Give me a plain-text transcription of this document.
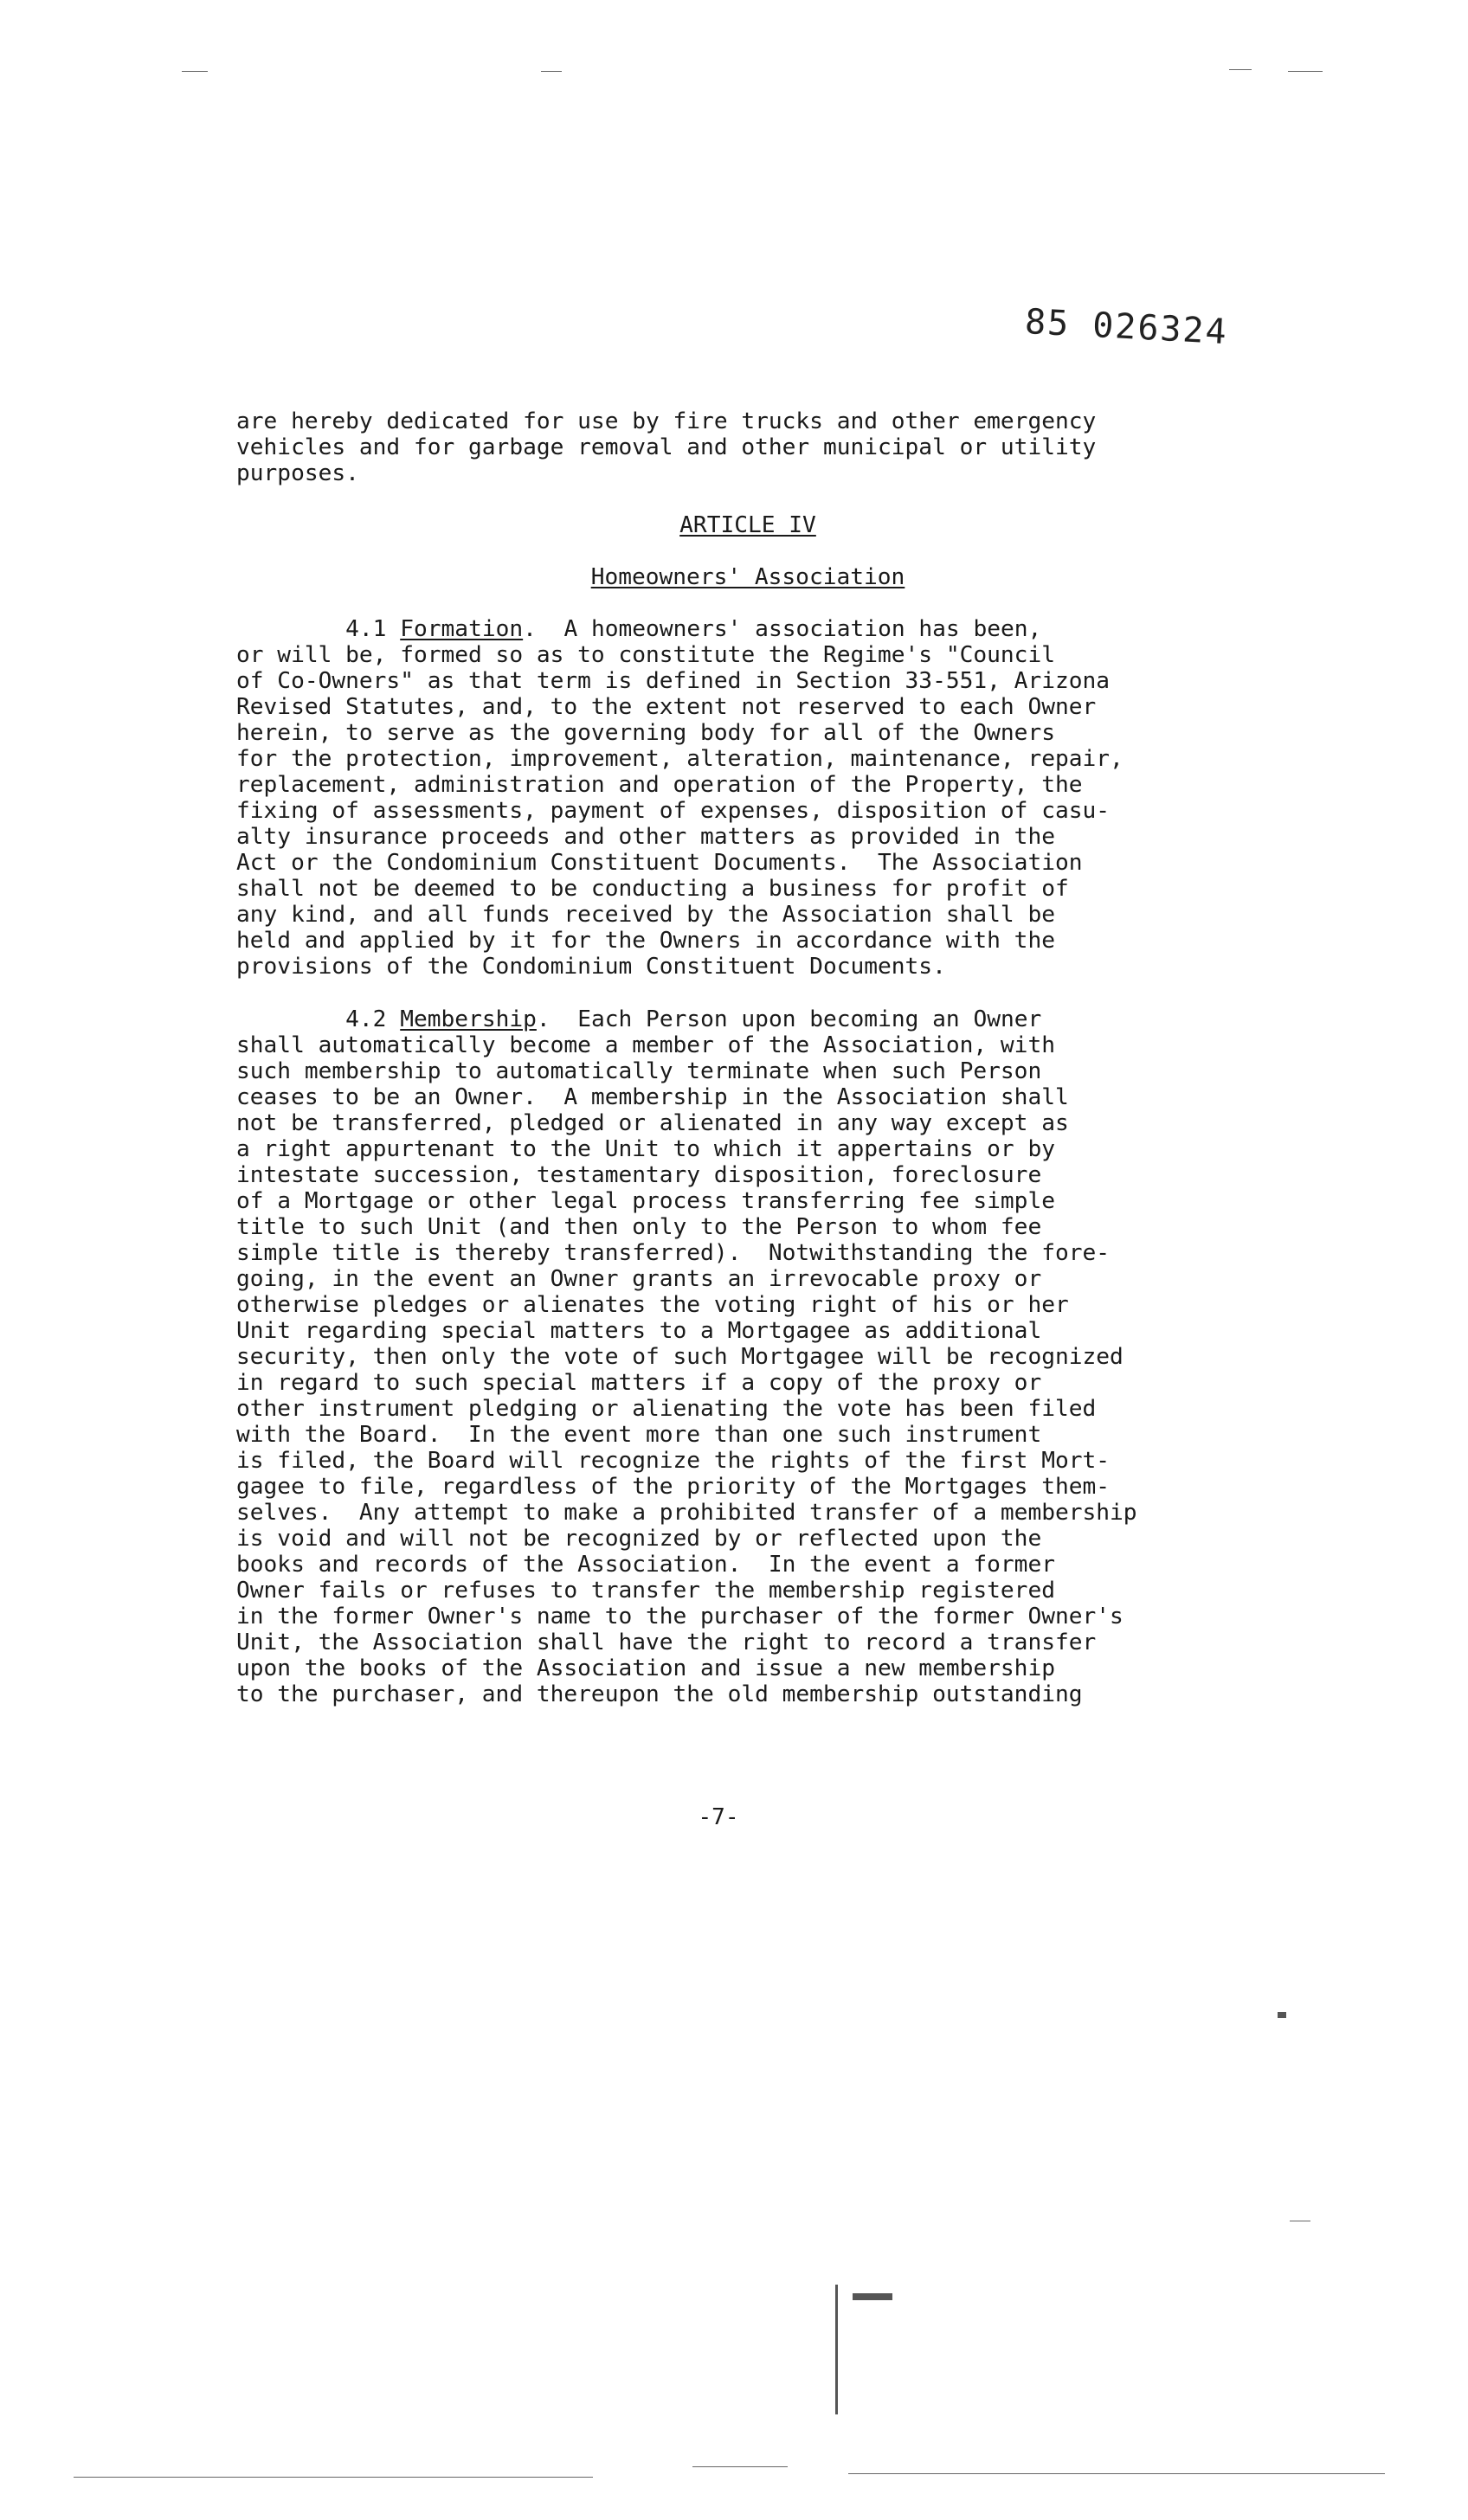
85 026324
are hereby dedicated for use by fire trucks and other emergency
vehicles and for garbage removal and other municipal or utility
purposes.
ARTICLE IV
Homeowners' Association
4.1 Formation.  A homeowners' association has been,
or will be, formed so as to constitute the Regime's "Council
of Co-Owners" as that term is defined in Section 33-551, Arizona
Revised Statutes, and, to the extent not reserved to each Owner
herein, to serve as the governing body for all of the Owners
for the protection, improvement, alteration, maintenance, repair,
replacement, administration and operation of the Property, the
fixing of assessments, payment of expenses, disposition of casu-
alty insurance proceeds and other matters as provided in the
Act or the Condominium Constituent Documents.  The Association
shall not be deemed to be conducting a business for profit of
any kind, and all funds received by the Association shall be
held and applied by it for the Owners in accordance with the
provisions of the Condominium Constituent Documents.
4.2 Membership.  Each Person upon becoming an Owner
shall automatically become a member of the Association, with
such membership to automatically terminate when such Person
ceases to be an Owner.  A membership in the Association shall
not be transferred, pledged or alienated in any way except as
a right appurtenant to the Unit to which it appertains or by
intestate succession, testamentary disposition, foreclosure
of a Mortgage or other legal process transferring fee simple
title to such Unit (and then only to the Person to whom fee
simple title is thereby transferred).  Notwithstanding the fore-
going, in the event an Owner grants an irrevocable proxy or
otherwise pledges or alienates the voting right of his or her
Unit regarding special matters to a Mortgagee as additional
security, then only the vote of such Mortgagee will be recognized
in regard to such special matters if a copy of the proxy or
other instrument pledging or alienating the vote has been filed
with the Board.  In the event more than one such instrument
is filed, the Board will recognize the rights of the first Mort-
gagee to file, regardless of the priority of the Mortgages them-
selves.  Any attempt to make a prohibited transfer of a membership
is void and will not be recognized by or reflected upon the
books and records of the Association.  In the event a former
Owner fails or refuses to transfer the membership registered
in the former Owner's name to the purchaser of the former Owner's
Unit, the Association shall have the right to record a transfer
upon the books of the Association and issue a new membership
to the purchaser, and thereupon the old membership outstanding
-7-
